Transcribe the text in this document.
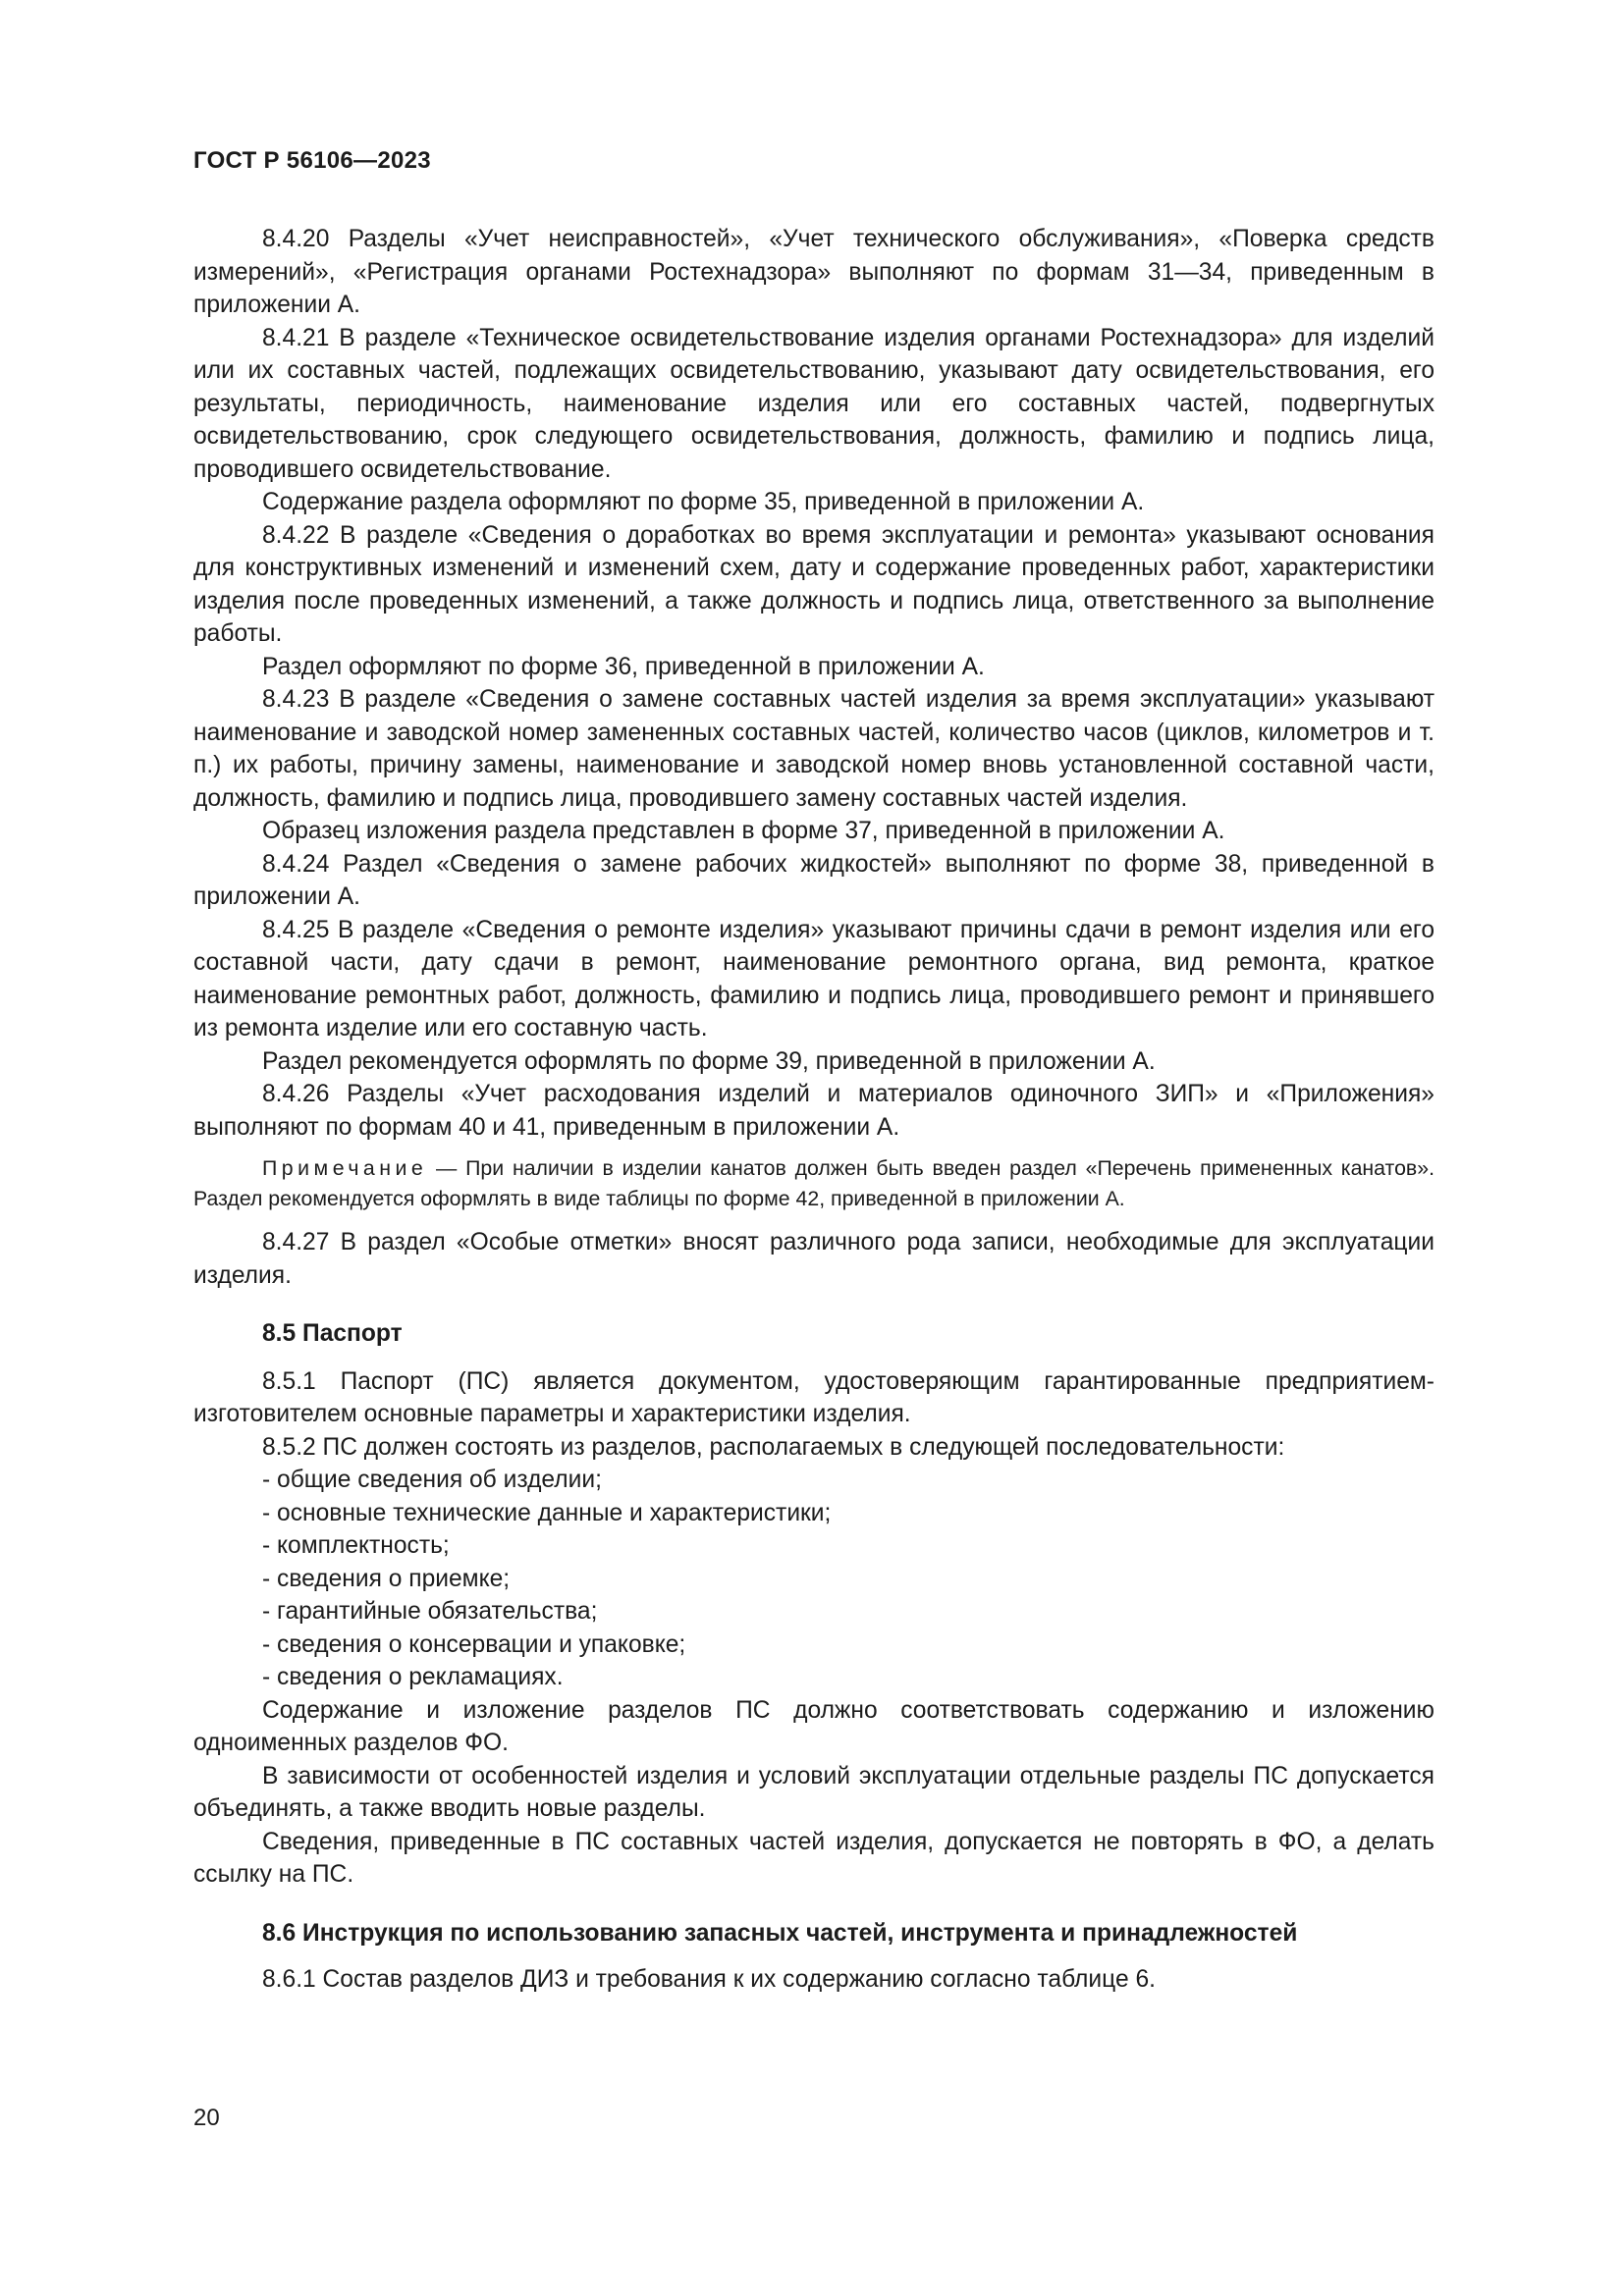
ГОСТ Р 56106—2023

8.4.20 Разделы «Учет неисправностей», «Учет технического обслуживания», «Поверка средств измерений», «Регистрация органами Ростехнадзора» выполняют по формам 31—34, приведенным в приложении А.

8.4.21 В разделе «Техническое освидетельствование изделия органами Ростехнадзора» для изделий или их составных частей, подлежащих освидетельствованию, указывают дату освидетельствования, его результаты, периодичность, наименование изделия или его составных частей, подвергнутых освидетельствованию, срок следующего освидетельствования, должность, фамилию и подпись лица, проводившего освидетельствование.

Содержание раздела оформляют по форме 35, приведенной в приложении А.

8.4.22 В разделе «Сведения о доработках во время эксплуатации и ремонта» указывают основания для конструктивных изменений и изменений схем, дату и содержание проведенных работ, характеристики изделия после проведенных изменений, а также должность и подпись лица, ответственного за выполнение работы.

Раздел оформляют по форме 36, приведенной в приложении А.

8.4.23 В разделе «Сведения о замене составных частей изделия за время эксплуатации» указывают наименование и заводской номер замененных составных частей, количество часов (циклов, километров и т. п.) их работы, причину замены, наименование и заводской номер вновь установленной составной части, должность, фамилию и подпись лица, проводившего замену составных частей изделия.

Образец изложения раздела представлен в форме 37, приведенной в приложении А.

8.4.24 Раздел «Сведения о замене рабочих жидкостей» выполняют по форме 38, приведенной в приложении А.

8.4.25 В разделе «Сведения о ремонте изделия» указывают причины сдачи в ремонт изделия или его составной части, дату сдачи в ремонт, наименование ремонтного органа, вид ремонта, краткое наименование ремонтных работ, должность, фамилию и подпись лица, проводившего ремонт и принявшего из ремонта изделие или его составную часть.

Раздел рекомендуется оформлять по форме 39, приведенной в приложении А.

8.4.26 Разделы «Учет расходования изделий и материалов одиночного ЗИП» и «Приложения» выполняют по формам 40 и 41, приведенным в приложении А.

Примечание — При наличии в изделии канатов должен быть введен раздел «Перечень примененных канатов». Раздел рекомендуется оформлять в виде таблицы по форме 42, приведенной в приложении А.

8.4.27 В раздел «Особые отметки» вносят различного рода записи, необходимые для эксплуатации изделия.

8.5 Паспорт

8.5.1 Паспорт (ПС) является документом, удостоверяющим гарантированные предприятием-изготовителем основные параметры и характеристики изделия.

8.5.2 ПС должен состоять из разделов, располагаемых в следующей последовательности:

- общие сведения об изделии;
- основные технические данные и характеристики;
- комплектность;
- сведения о приемке;
- гарантийные обязательства;
- сведения о консервации и упаковке;
- сведения о рекламациях.

Содержание и изложение разделов ПС должно соответствовать содержанию и изложению одноименных разделов ФО.

В зависимости от особенностей изделия и условий эксплуатации отдельные разделы ПС допускается объединять, а также вводить новые разделы.

Сведения, приведенные в ПС составных частей изделия, допускается не повторять в ФО, а делать ссылку на ПС.

8.6 Инструкция по использованию запасных частей, инструмента и принадлежностей

8.6.1 Состав разделов ДИЗ и требования к их содержанию согласно таблице 6.

20
